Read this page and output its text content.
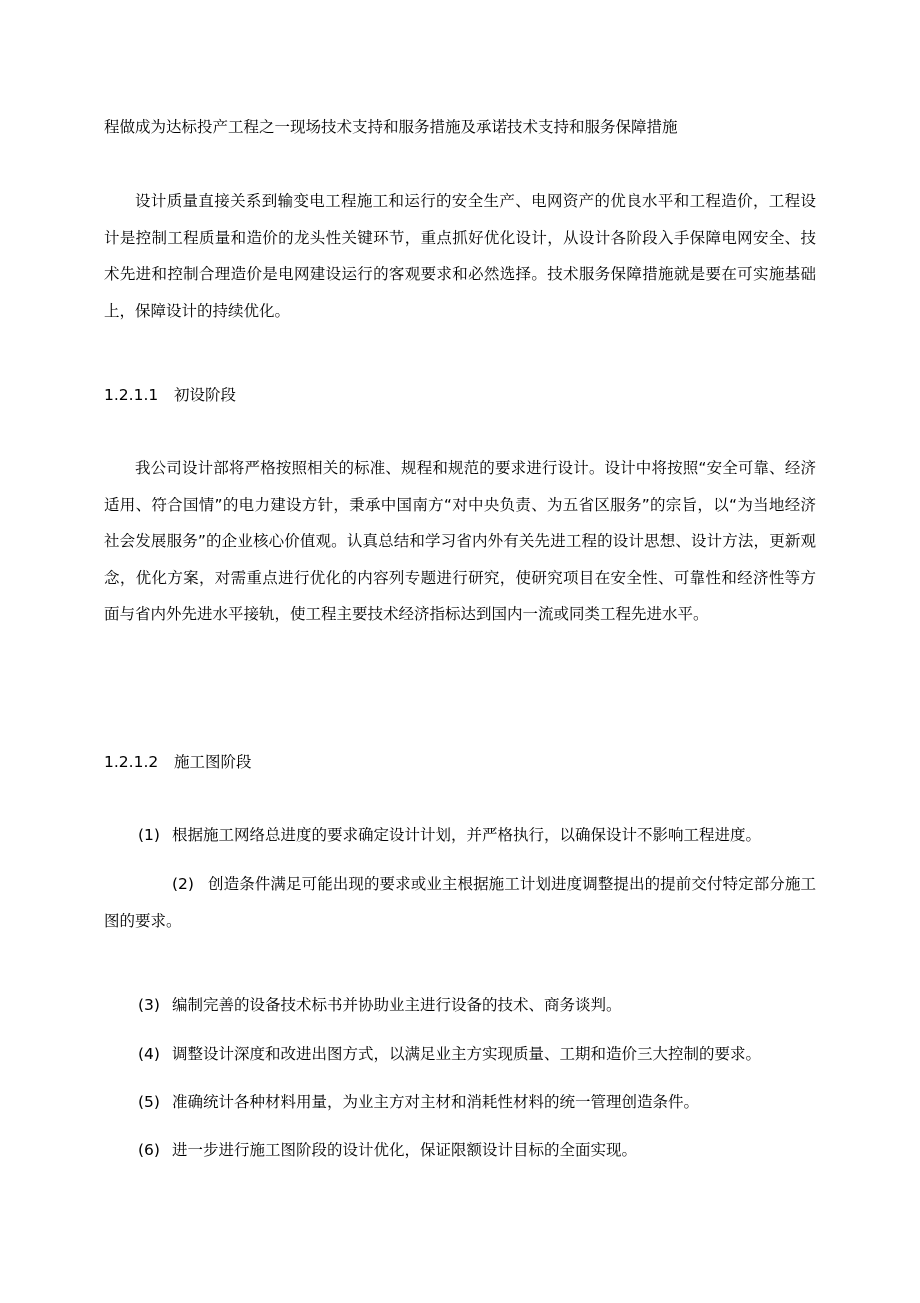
程做成为达标投产工程之一现场技术支持和服务措施及承诺技术支持和服务保障措施
设计质量直接关系到输变电工程施工和运行的安全生产、电网资产的优良水平和工程造价，工程设计是控制工程质量和造价的龙头性关键环节，重点抓好优化设计，从设计各阶段入手保障电网安全、技术先进和控制合理造价是电网建设运行的客观要求和必然选择。技术服务保障措施就是要在可实施基础上，保障设计的持续优化。
1.2.1.1 初设阶段
我公司设计部将严格按照相关的标准、规程和规范的要求进行设计。设计中将按照“安全可靠、经济适用、符合国情”的电力建设方针，秉承中国南方“对中央负责、为五省区服务”的宗旨，以“为当地经济社会发展服务”的企业核心价值观。认真总结和学习省内外有关先进工程的设计思想、设计方法，更新观念，优化方案，对需重点进行优化的内容列专题进行研究，使研究项目在安全性、可靠性和经济性等方面与省内外先进水平接轨，使工程主要技术经济指标达到国内一流或同类工程先进水平。
1.2.1.2 施工图阶段
(1) 根据施工网络总进度的要求确定设计计划，并严格执行，以确保设计不影响工程进度。
(2) 创造条件满足可能出现的要求或业主根据施工计划进度调整提出的提前交付特定部分施工图的要求。
(3) 编制完善的设备技术标书并协助业主进行设备的技术、商务谈判。
(4) 调整设计深度和改进出图方式，以满足业主方实现质量、工期和造价三大控制的要求。
(5) 准确统计各种材料用量，为业主方对主材和消耗性材料的统一管理创造条件。
(6) 进一步进行施工图阶段的设计优化，保证限额设计目标的全面实现。
